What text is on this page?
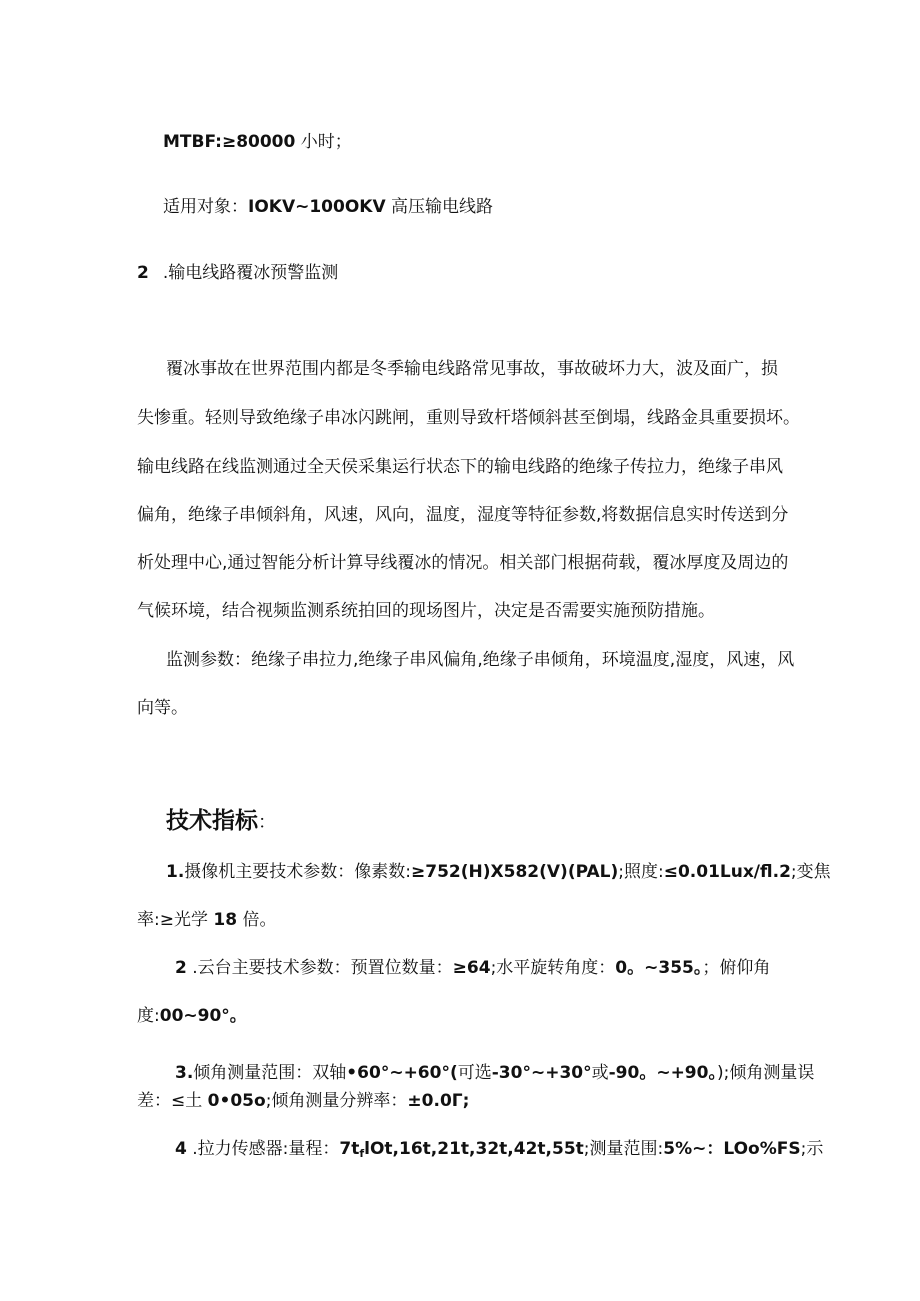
MTBF:≥80000 小时；
适用对象：IOKV~100OKV 高压输电线路
2 .输电线路覆冰预警监测
覆冰事故在世界范围内都是冬季输电线路常见事故，事故破坏力大，波及面广，损
失惨重。轻则导致绝缘子串冰闪跳闸，重则导致杆塔倾斜甚至倒塌，线路金具重要损坏。
输电线路在线监测通过全天侯采集运行状态下的输电线路的绝缘子传拉力，绝缘子串风
偏角，绝缘子串倾斜角，风速，风向，温度，湿度等特征参数,将数据信息实时传送到分
析处理中心,通过智能分析计算导线覆冰的情况。相关部门根据荷载，覆冰厚度及周边的
气候环境，结合视频监测系统拍回的现场图片，决定是否需要实施预防措施。
监测参数：绝缘子串拉力,绝缘子串风偏角,绝缘子串倾角，环境温度,湿度，风速，风
向等。
技术指标：
1.摄像机主要技术参数：像素数:≥752(H)X582(V)(PAL);照度:≤0.01Lux/fl.2;变焦
率:≥光学 18 倍。
2 .云台主要技术参数：预置位数量：≥64;水平旋转角度：0。~355。；俯仰角
度:00~90°。
3.倾角测量范围：双轴•60°~+60°(可选-30°~+30°或-90。~+90。);倾角测量误
差：≤土 0•05o;倾角测量分辨率：±0.0Γ;
4 .拉力传感器:量程：$7t_flOt,16t,21t,32t,42t,55t$;测量范围:5%~：LOo%FS;示
